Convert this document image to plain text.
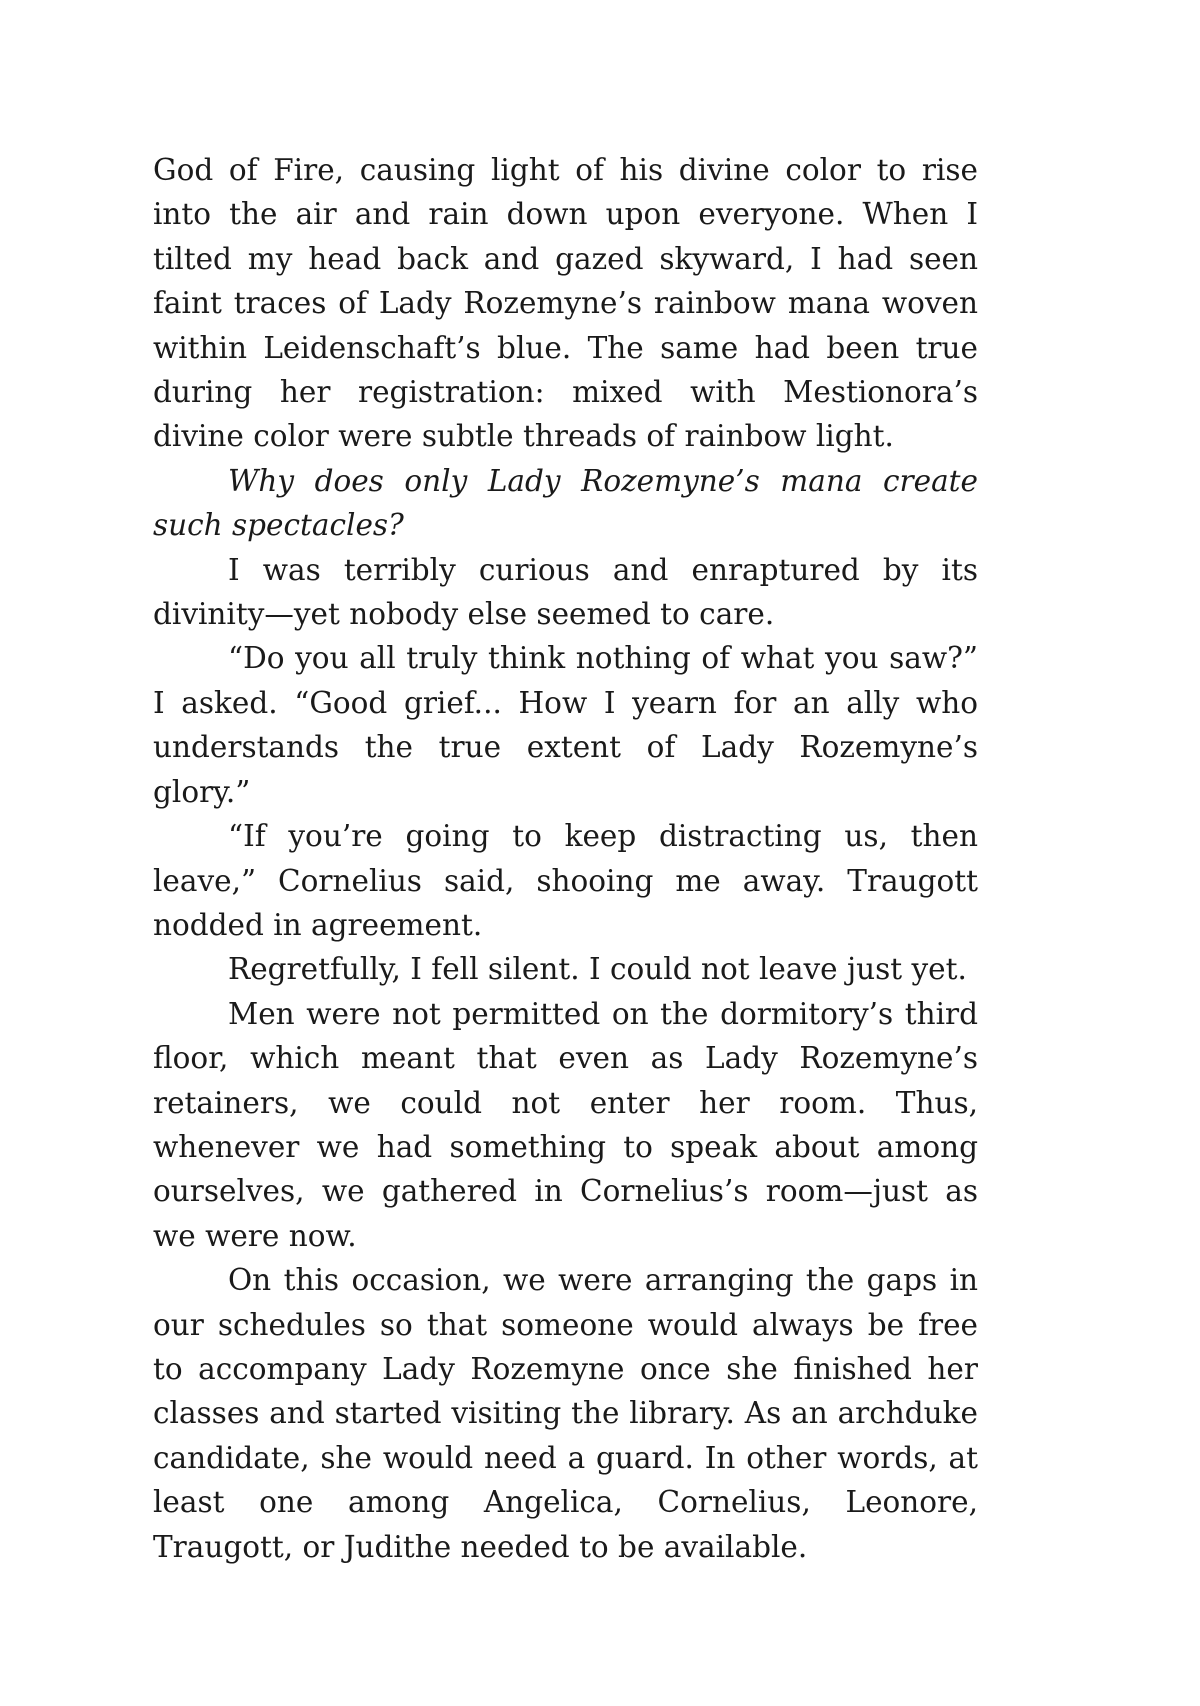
God of Fire, causing light of his divine color to rise into the air and rain down upon everyone. When I tilted my head back and gazed skyward, I had seen faint traces of Lady Rozemyne’s rainbow mana woven within Leidenschaft’s blue. The same had been true during her registration: mixed with Mestionora’s divine color were subtle threads of rainbow light.

Why does only Lady Rozemyne’s mana create such spectacles?

I was terribly curious and enraptured by its divinity—yet nobody else seemed to care.

“Do you all truly think nothing of what you saw?” I asked. “Good grief... How I yearn for an ally who understands the true extent of Lady Rozemyne’s glory.”

“If you’re going to keep distracting us, then leave,” Cornelius said, shooing me away. Traugott nodded in agreement.

Regretfully, I fell silent. I could not leave just yet.

Men were not permitted on the dormitory’s third floor, which meant that even as Lady Rozemyne’s retainers, we could not enter her room. Thus, whenever we had something to speak about among ourselves, we gathered in Cornelius’s room—just as we were now.

On this occasion, we were arranging the gaps in our schedules so that someone would always be free to accompany Lady Rozemyne once she finished her classes and started visiting the library. As an archduke candidate, she would need a guard. In other words, at least one among Angelica, Cornelius, Leonore, Traugott, or Judithe needed to be available.
